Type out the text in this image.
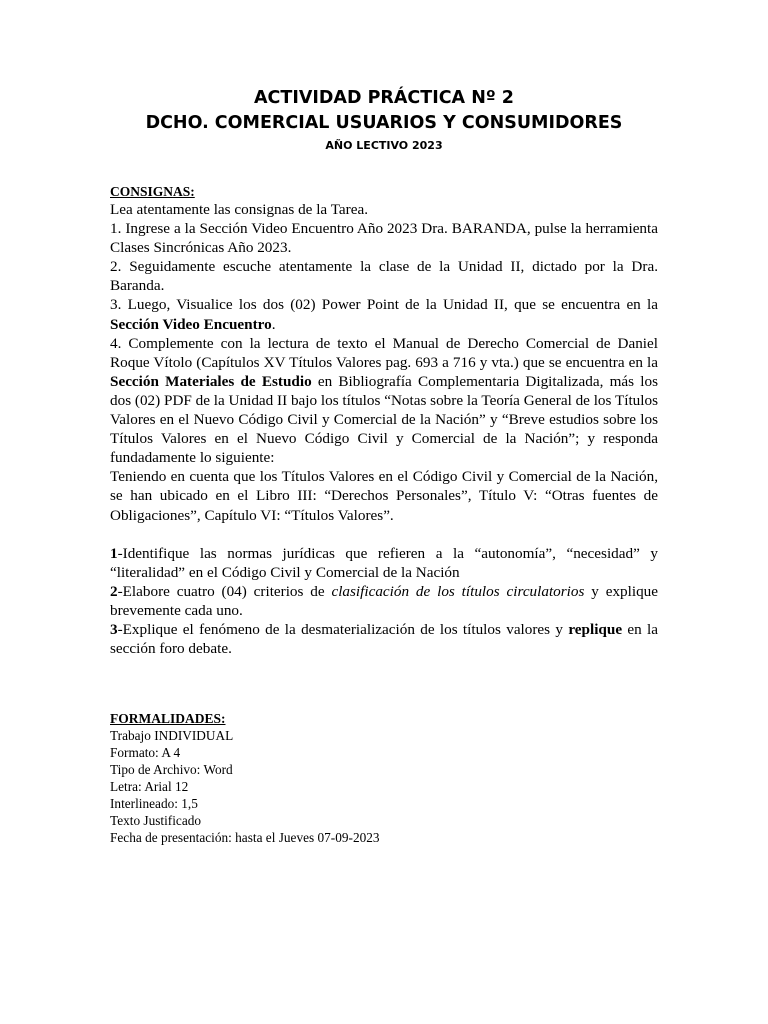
ACTIVIDAD PRÁCTICA Nº 2
DCHO. COMERCIAL USUARIOS Y CONSUMIDORES
AÑO LECTIVO 2023
CONSIGNAS:

Lea atentamente las consignas de la Tarea.

1. Ingrese a la Sección Video Encuentro Año 2023 Dra. BARANDA, pulse la herramienta Clases Sincrónicas Año 2023.

2. Seguidamente escuche atentamente la clase de la Unidad II, dictado por la Dra. Baranda.

3. Luego, Visualice los dos (02) Power Point de la Unidad II, que se encuentra en la Sección Video Encuentro.

4. Complemente con la lectura de texto el Manual de Derecho Comercial de Daniel Roque Vítolo (Capítulos XV Títulos Valores pag. 693 a 716 y vta.) que se encuentra en la Sección Materiales de Estudio en Bibliografía Complementaria Digitalizada, más los dos (02) PDF de la Unidad II bajo los títulos “Notas sobre la Teoría General de los Títulos Valores en el Nuevo Código Civil y Comercial de la Nación” y “Breve estudios sobre los Títulos Valores en el Nuevo Código Civil y Comercial de la Nación”; y responda fundadamente lo siguiente:

Teniendo en cuenta que los Títulos Valores en el Código Civil y Comercial de la Nación, se han ubicado en el Libro III: “Derechos Personales”, Título V: “Otras fuentes de Obligaciones”, Capítulo VI: “Títulos Valores”.

1-Identifique las normas jurídicas que refieren a la “autonomía”, “necesidad” y “literalidad” en el Código Civil y Comercial de la Nación

2-Elabore cuatro (04) criterios de clasificación de los títulos circulatorios y explique brevemente cada uno.

3-Explique el fenómeno de la desmaterialización de los títulos valores y replique en la sección foro debate.

FORMALIDADES:
Trabajo INDIVIDUAL
Formato: A 4
Tipo de Archivo: Word
Letra: Arial 12
Interlineado: 1,5
Texto Justificado
Fecha de presentación: hasta el Jueves 07-09-2023
